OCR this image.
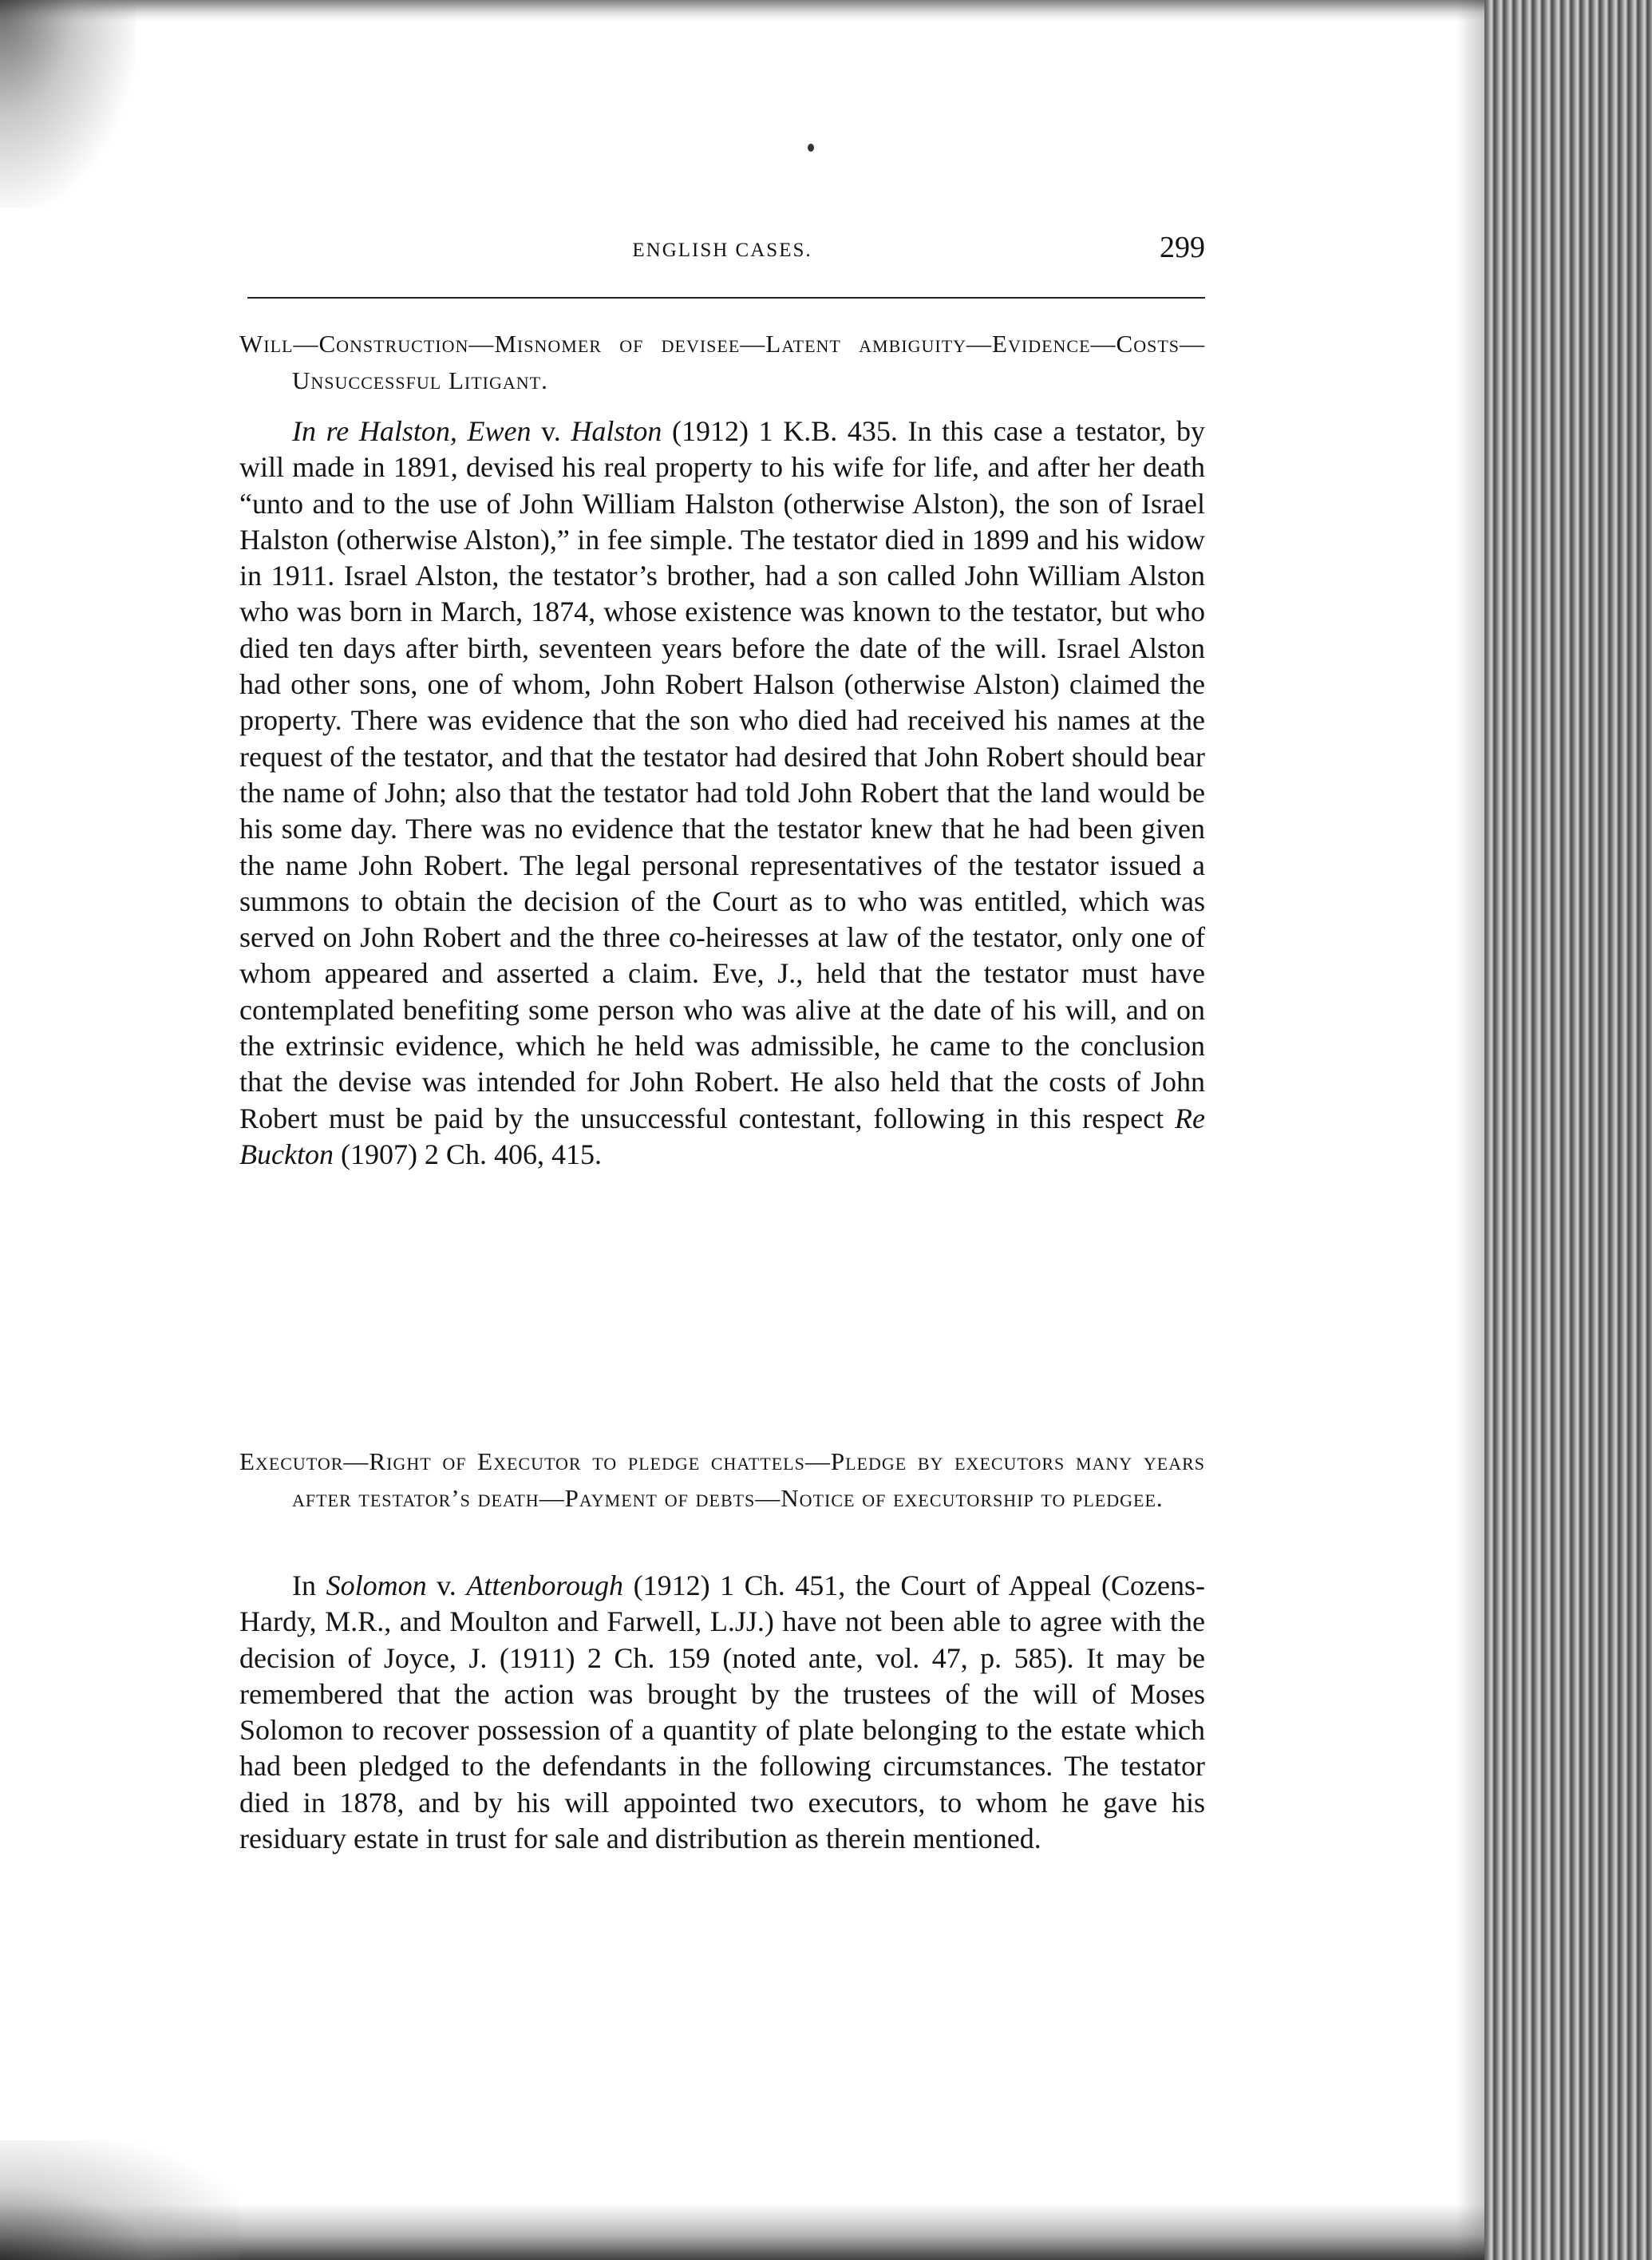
ENGLISH CASES.	299

Will—Construction—Misnomer of devisee—Latent ambiguity—Evidence—Costs—Unsuccessful Litigant.

In re Halston, Ewen v. Halston (1912) 1 K.B. 435. In this case a testator, by will made in 1891, devised his real property to his wife for life, and after her death “unto and to the use of John William Halston (otherwise Alston), the son of Israel Halston (otherwise Alston),” in fee simple. The testator died in 1899 and his widow in 1911. Israel Alston, the testator’s brother, had a son called John William Alston who was born in March, 1874, whose existence was known to the testator, but who died ten days after birth, seventeen years before the date of the will. Israel Alston had other sons, one of whom, John Robert Halson (otherwise Alston) claimed the property. There was evidence that the son who died had received his names at the request of the testator, and that the testator had desired that John Robert should bear the name of John; also that the testator had told John Robert that the land would be his some day. There was no evidence that the testator knew that he had been given the name John Robert. The legal personal representatives of the testator issued a summons to obtain the decision of the Court as to who was entitled, which was served on John Robert and the three co-heiresses at law of the testator, only one of whom appeared and asserted a claim. Eve, J., held that the testator must have contemplated benefiting some person who was alive at the date of his will, and on the extrinsic evidence, which he held was admissible, he came to the conclusion that the devise was intended for John Robert. He also held that the costs of John Robert must be paid by the unsuccessful contestant, following in this respect Re Buckton (1907) 2 Ch. 406, 415.

Executor—Right of Executor to pledge chattels—Pledge by executors many years after testator’s death—Payment of debts—Notice of executorship to pledgee.

In Solomon v. Attenborough (1912) 1 Ch. 451, the Court of Appeal (Cozens-Hardy, M.R., and Moulton and Farwell, L.JJ.) have not been able to agree with the decision of Joyce, J. (1911) 2 Ch. 159 (noted ante, vol. 47, p. 585). It may be remembered that the action was brought by the trustees of the will of Moses Solomon to recover possession of a quantity of plate belonging to the estate which had been pledged to the defendants in the following circumstances. The testator died in 1878, and by his will appointed two executors, to whom he gave his residuary estate in trust for sale and distribution as therein mentioned.
